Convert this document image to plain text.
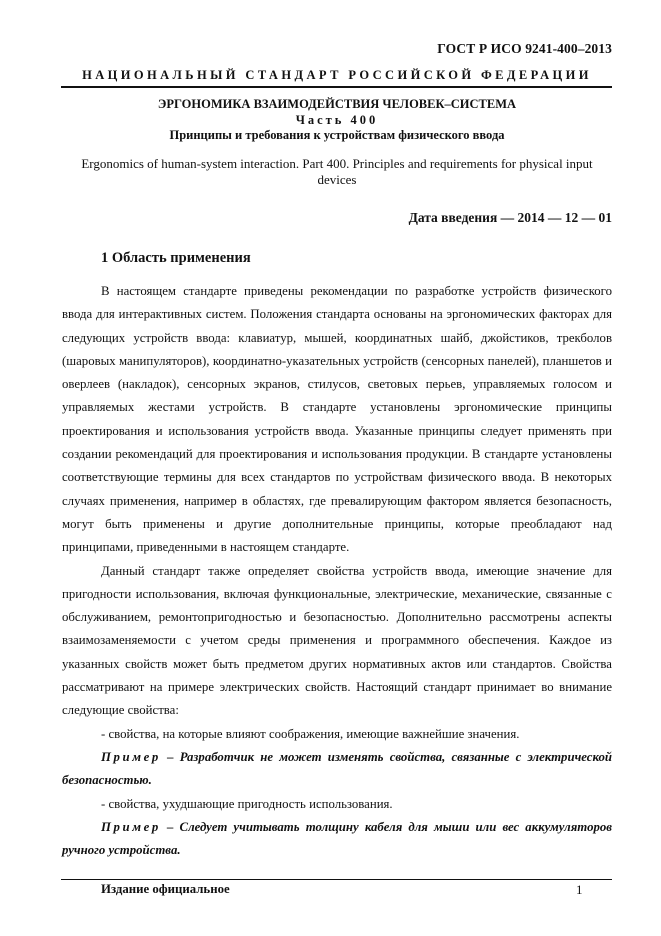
ГОСТ Р ИСО 9241-400–2013
НАЦИОНАЛЬНЫЙ СТАНДАРТ РОССИЙСКОЙ ФЕДЕРАЦИИ
ЭРГОНОМИКА ВЗАИМОДЕЙСТВИЯ ЧЕЛОВЕК–СИСТЕМА
Часть 400
Принципы и требования к устройствам физического ввода
Ergonomics of human-system interaction. Part 400. Principles and requirements for physical input devices
Дата введения — 2014 — 12 — 01
1 Область применения

В настоящем стандарте приведены рекомендации по разработке устройств физического ввода для интерактивных систем. Положения стандарта основаны на эргономических факторах для следующих устройств ввода: клавиатур, мышей, координатных шайб, джойстиков, трекболов (шаровых манипуляторов), координатно-указательных устройств (сенсорных панелей), планшетов и оверлеев (накладок), сенсорных экранов, стилусов, световых перьев, управляемых голосом и управляемых жестами устройств. В стандарте установлены эргономические принципы проектирования и использования устройств ввода. Указанные принципы следует применять при создании рекомендаций для проектирования и использования продукции. В стандарте установлены соответствующие термины для всех стандартов по устройствам физического ввода. В некоторых случаях применения, например в областях, где превалирующим фактором является безопасность, могут быть применены и другие дополнительные принципы, которые преобладают над принципами, приведенными в настоящем стандарте.

Данный стандарт также определяет свойства устройств ввода, имеющие значение для пригодности использования, включая функциональные, электрические, механические, связанные с обслуживанием, ремонтопригодностью и безопасностью. Дополнительно рассмотрены аспекты взаимозаменяемости с учетом среды применения и программного обеспечения. Каждое из указанных свойств может быть предметом других нормативных актов или стандартов. Свойства рассматривают на примере электрических свойств. Настоящий стандарт принимает во внимание следующие свойства:

- свойства, на которые влияют соображения, имеющие важнейшие значения.

Пример – Разработчик не может изменять свойства, связанные с электрической безопасностью.

- свойства, ухудшающие пригодность использования.

Пример – Следует учитывать толщину кабеля для мыши или вес аккумуляторов ручного устройства.

Издание официальное	1
